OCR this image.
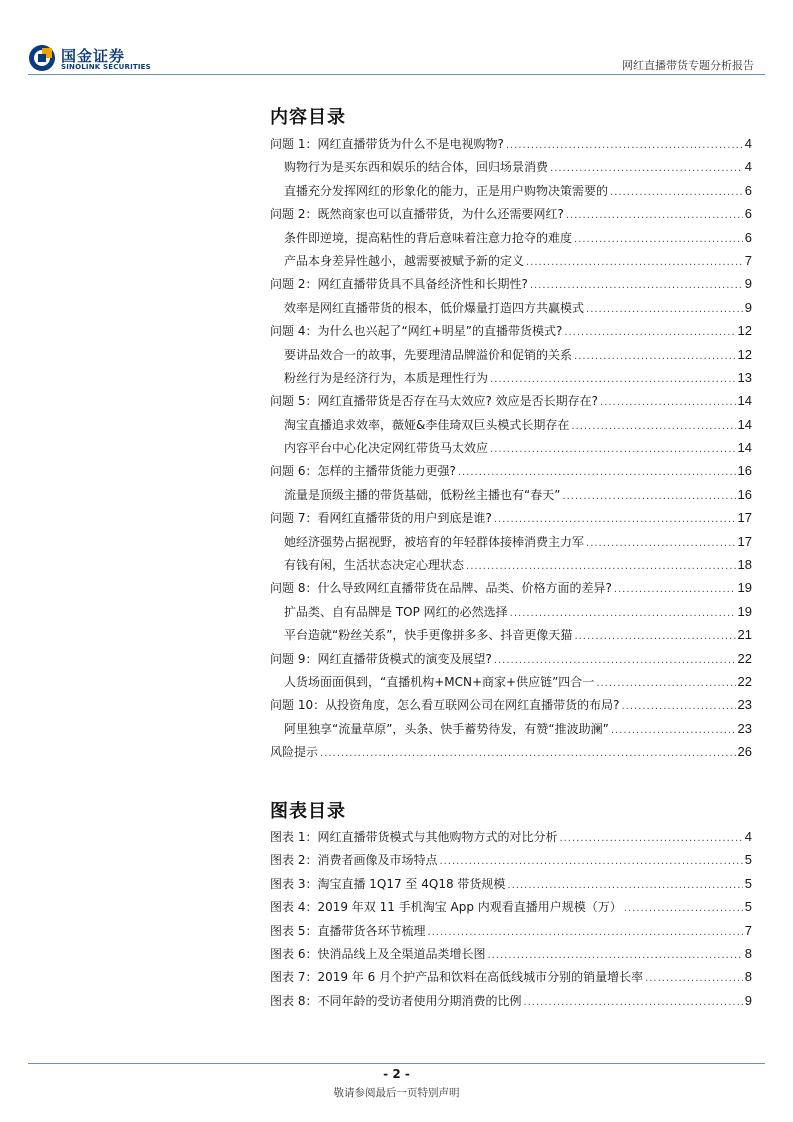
国金证券
SINOLINK SECURITIES	网红直播带货专题分析报告
内容目录
问题 1：网红直播带货为什么不是电视购物? .....	4
购物行为是买东西和娱乐的结合体，回归场景消费 .....	4
直播充分发挥网红的形象化的能力，正是用户购物决策需要的 .....	6
问题 2：既然商家也可以直播带货，为什么还需要网红? .....	6
条件即逆境，提高粘性的背后意味着注意力抢夺的难度 .....	6
产品本身差异性越小，越需要被赋予新的定义 .....	7
问题 2：网红直播带货具不具备经济性和长期性? .....	9
效率是网红直播带货的根本，低价爆量打造四方共赢模式 .....	9
问题 4：为什么也兴起了“网红+明星”的直播带货模式? .....	12
要讲品效合一的故事，先要理清品牌溢价和促销的关系 .....	12
粉丝行为是经济行为，本质是理性行为 .....	13
问题 5：网红直播带货是否存在马太效应? 效应是否长期存在? .....	14
淘宝直播追求效率，薇娅&李佳琦双巨头模式长期存在 .....	14
内容平台中心化决定网红带货马太效应 .....	14
问题 6：怎样的主播带货能力更强? .....	16
流量是顶级主播的带货基础，低粉丝主播也有“春天” .....	16
问题 7：看网红直播带货的用户到底是谁? .....	17
她经济强势占据视野，被培育的年轻群体接棒消费主力军 .....	17
有钱有闲，生活状态决定心理状态 .....	18
问题 8：什么导致网红直播带货在品牌、品类、价格方面的差异? .....	19
扩品类、自有品牌是 TOP 网红的必然选择 .....	19
平台造就“粉丝关系”，快手更像拼多多、抖音更像天猫 .....	21
问题 9：网红直播带货模式的演变及展望? .....	22
人货场面面俱到，“直播机构+MCN+商家+供应链”四合一 .....	22
问题 10：从投资角度，怎么看互联网公司在网红直播带货的布局? .....	23
阿里独享“流量草原”，头条、快手蓄势待发，有赞“推波助澜” .....	23
风险提示 .....	26
图表目录
图表 1：网红直播带货模式与其他购物方式的对比分析 .....	4
图表 2：消费者画像及市场特点 .....	5
图表 3：淘宝直播 1Q17 至 4Q18 带货规模 .....	5
图表 4：2019 年双 11 手机淘宝 App 内观看直播用户规模（万） .....	5
图表 5：直播带货各环节梳理 .....	7
图表 6：快消品线上及全渠道品类增长图 .....	8
图表 7：2019 年 6 月个护产品和饮料在高低线城市分别的销量增长率 .....	8
图表 8：不同年龄的受访者使用分期消费的比例 .....	9
- 2 -
敬请参阅最后一页特别声明
